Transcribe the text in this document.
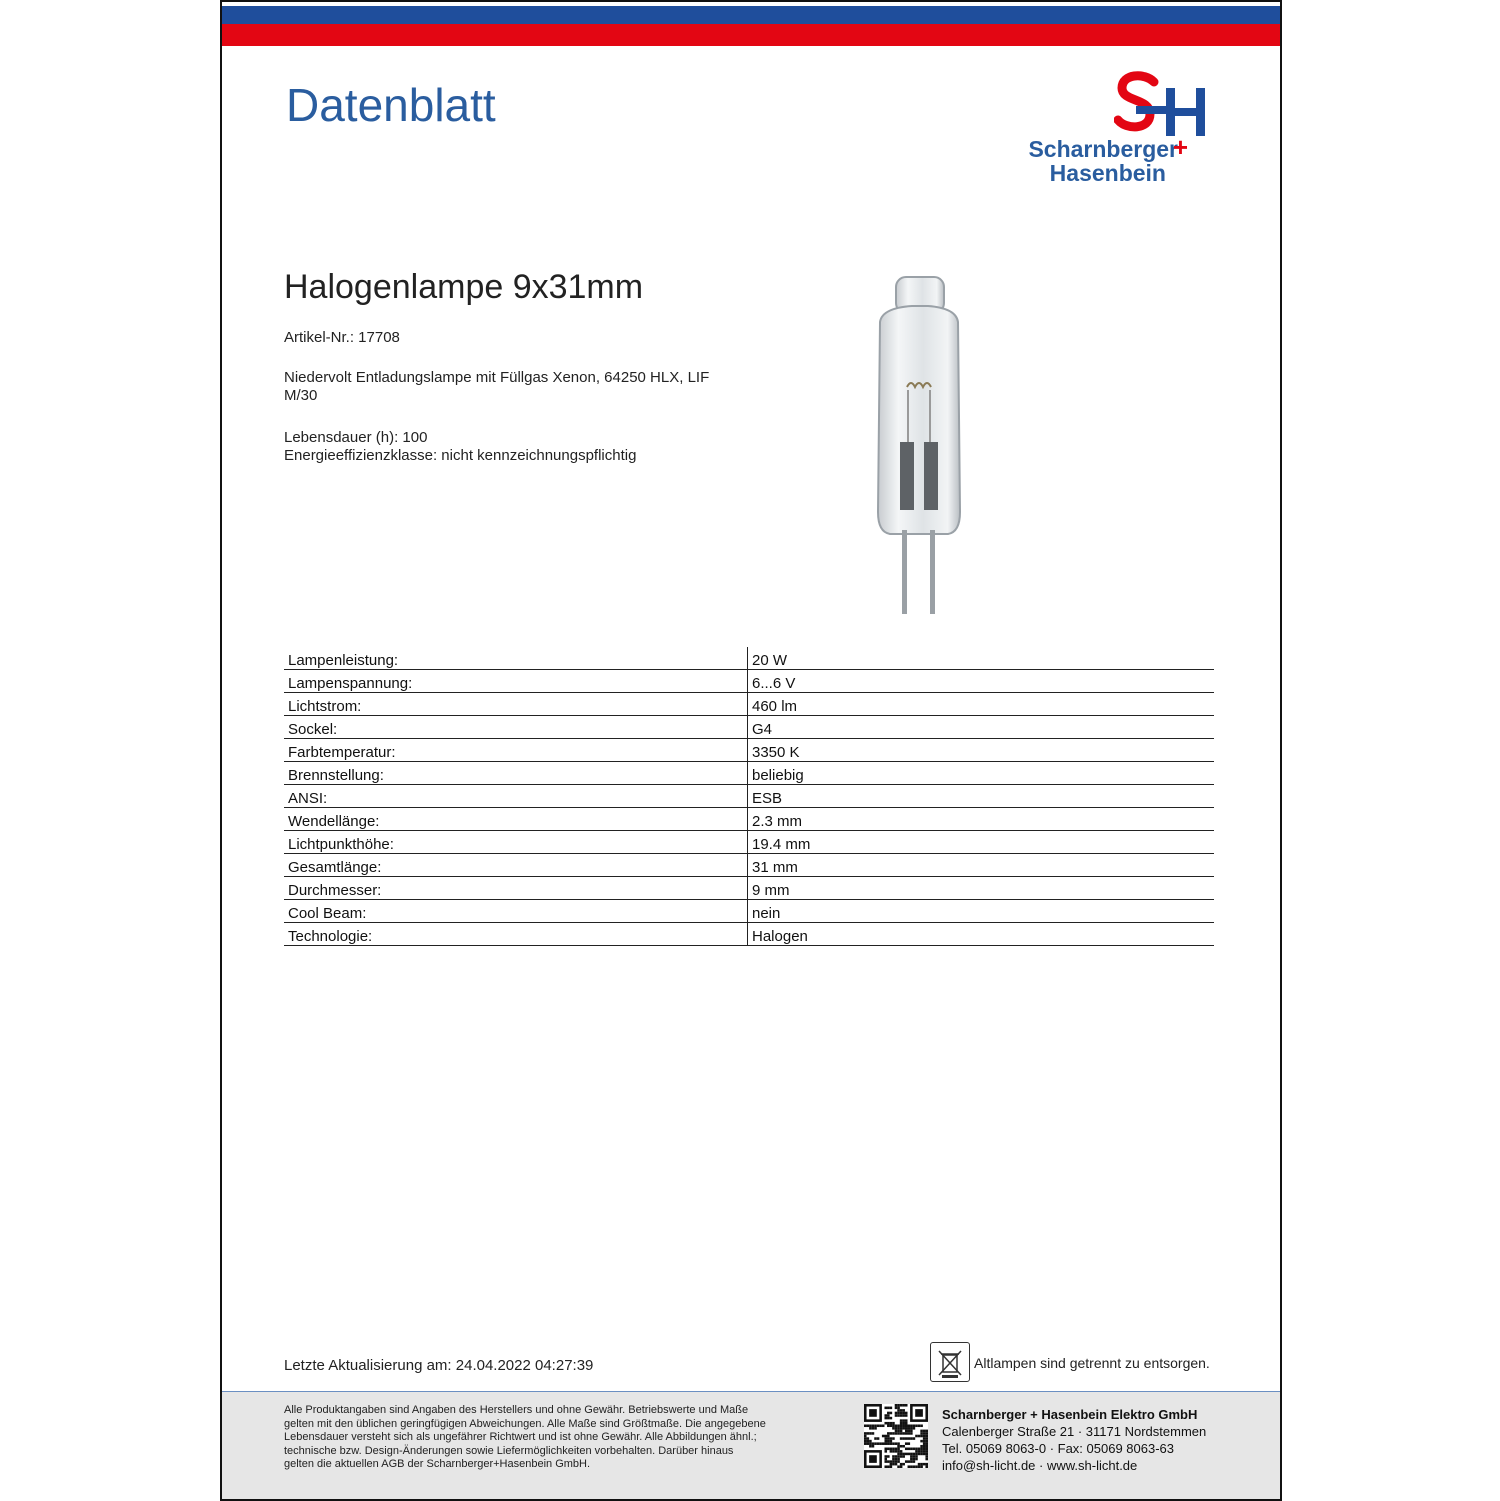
Datenblatt
Scharnberger
+
Hasenbein
Halogenlampe 9x31mm
Artikel-Nr.: 17708
Niedervolt Entladungslampe mit Füllgas Xenon, 64250 HLX, LIF
M/30
Lebensdauer (h): 100
Energieeffizienzklasse: nicht kennzeichnungspflichtig
Lampenleistung:	20 W
Lampenspannung:	6...6 V
Lichtstrom:	460 lm
Sockel:	G4
Farbtemperatur:	3350 K
Brennstellung:	beliebig
ANSI:	ESB
Wendellänge:	2.3 mm
Lichtpunkthöhe:	19.4 mm
Gesamtlänge:	31 mm
Durchmesser:	9 mm
Cool Beam:	nein
Technologie:	Halogen
Letzte Aktualisierung am: 24.04.2022 04:27:39	Altlampen sind getrennt zu entsorgen.
Alle Produktangaben sind Angaben des Herstellers und ohne Gewähr. Betriebswerte und Maße
gelten mit den üblichen geringfügigen Abweichungen. Alle Maße sind Größtmaße. Die angegebene
Lebensdauer versteht sich als ungefährer Richtwert und ist ohne Gewähr. Alle Abbildungen ähnl.;
technische bzw. Design-Änderungen sowie Liefermöglichkeiten vorbehalten. Darüber hinaus
gelten die aktuellen AGB der Scharnberger+Hasenbein GmbH.
Scharnberger + Hasenbein Elektro GmbH
Calenberger Straße 21 · 31171 Nordstemmen
Tel. 05069 8063-0 · Fax: 05069 8063-63
info@sh-licht.de · www.sh-licht.de
